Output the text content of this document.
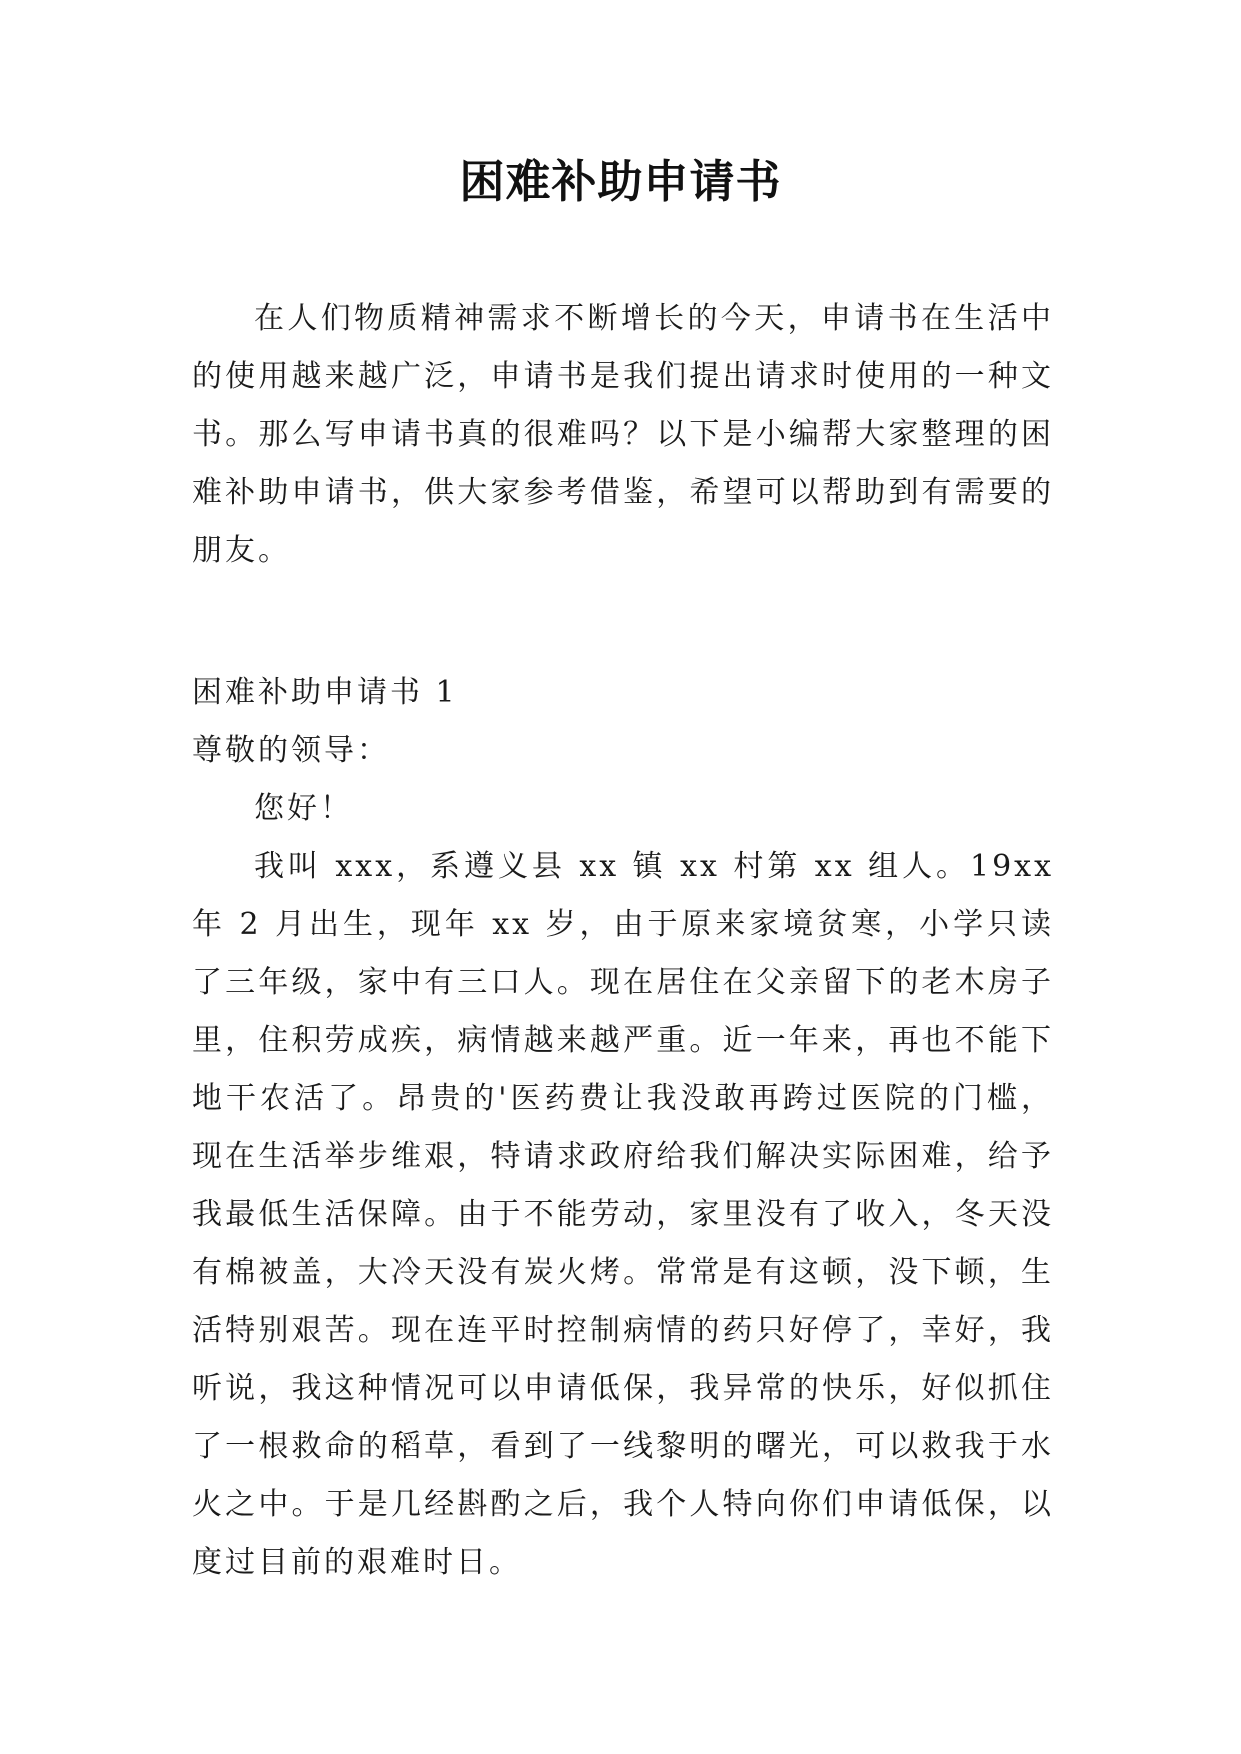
困难补助申请书

在人们物质精神需求不断增长的今天，申请书在生活中的使用越来越广泛，申请书是我们提出请求时使用的一种文书。那么写申请书真的很难吗？以下是小编帮大家整理的困难补助申请书，供大家参考借鉴，希望可以帮助到有需要的朋友。

困难补助申请书 1

尊敬的领导：

您好！

我叫 xxx，系遵义县 xx 镇 xx 村第 xx 组人。19xx 年 2 月出生，现年 xx 岁，由于原来家境贫寒，小学只读了三年级，家中有三口人。现在居住在父亲留下的老木房子里，住积劳成疾，病情越来越严重。近一年来，再也不能下地干农活了。昂贵的'医药费让我没敢再跨过医院的门槛，现在生活举步维艰，特请求政府给我们解决实际困难，给予我最低生活保障。由于不能劳动，家里没有了收入，冬天没有棉被盖，大冷天没有炭火烤。常常是有这顿，没下顿，生活特别艰苦。现在连平时控制病情的药只好停了，幸好，我听说，我这种情况可以申请低保，我异常的快乐，好似抓住了一根救命的稻草，看到了一线黎明的曙光，可以救我于水火之中。于是几经斟酌之后，我个人特向你们申请低保，以度过目前的艰难时日。
